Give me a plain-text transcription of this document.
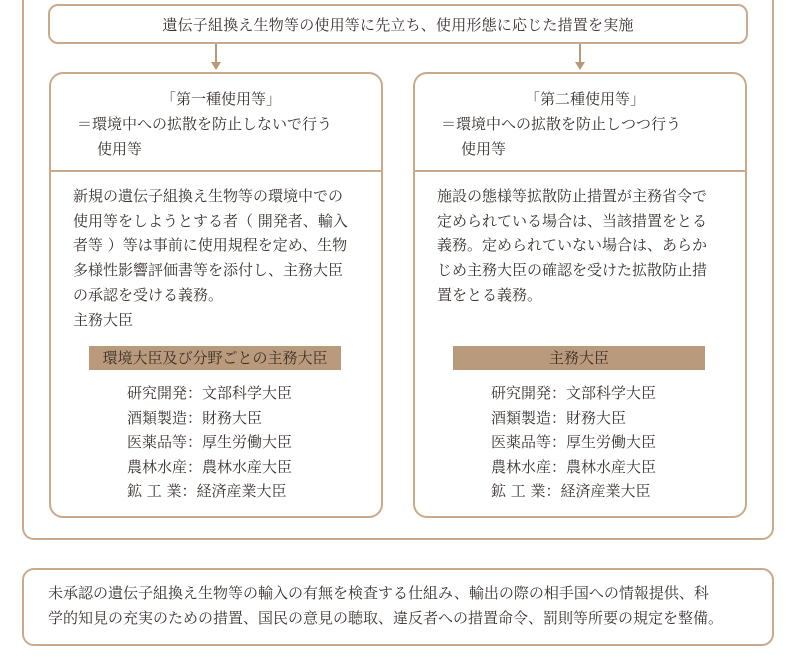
遺伝子組換え生物等の使用等に先立ち、使用形態に応じた措置を実施
「第一種使用等」
＝環境中への拡散を防止しないで行う
使用等
新規の遺伝子組換え生物等の環境中での
使用等をしようとする者（ 開発者、輸入
者等 ）等は事前に使用規程を定め、生物
多様性影響評価書等を添付し、主務大臣
の承認を受ける義務。
主務大臣
環境大臣及び分野ごとの主務大臣
研究開発：文部科学大臣
酒類製造：財務大臣
医薬品等：厚生労働大臣
農林水産：農林水産大臣
鉱 工 業：経済産業大臣
「第二種使用等」
＝環境中への拡散を防止しつつ行う
使用等
施設の態様等拡散防止措置が主務省令で
定められている場合は、当該措置をとる
義務。定められていない場合は、あらか
じめ主務大臣の確認を受けた拡散防止措
置をとる義務。
主務大臣
研究開発：文部科学大臣
酒類製造：財務大臣
医薬品等：厚生労働大臣
農林水産：農林水産大臣
鉱 工 業：経済産業大臣
未承認の遺伝子組換え生物等の輸入の有無を検査する仕組み、輸出の際の相手国への情報提供、科
学的知見の充実のための措置、国民の意見の聴取、違反者への措置命令、罰則等所要の規定を整備。
